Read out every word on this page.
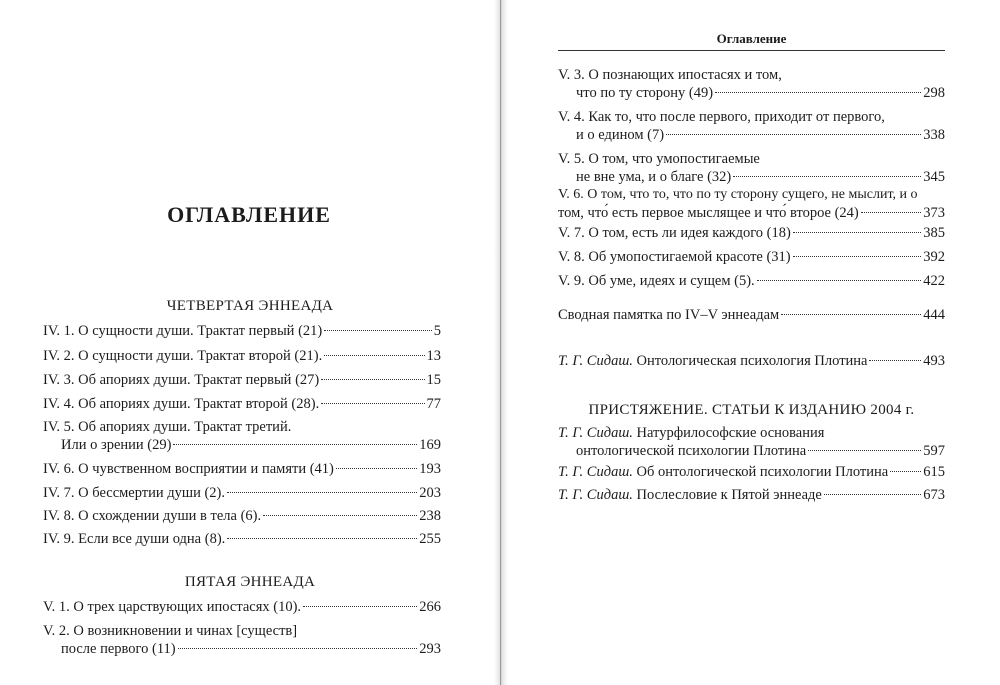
ОГЛАВЛЕНИЕ
ЧЕТВЕРТАЯ ЭННЕАДА
IV. 1. О сущности души. Трактат первый (21)	5
IV. 2. О сущности души. Трактат второй (21).	13
IV. 3. Об апориях души. Трактат первый (27)	15
IV. 4. Об апориях души. Трактат второй (28).	77
IV. 5. Об апориях души. Трактат третий.
Или о зрении (29)	169
IV. 6. О чувственном восприятии и памяти (41)	193
IV. 7. О бессмертии души (2).	203
IV. 8. О схождении души в тела (6).	238
IV. 9. Если все души одна (8).	255
ПЯТАЯ ЭННЕАДА
V. 1. О трех царствующих ипостасях (10).	266
V. 2. О возникновении и чинах [существ]
после первого (11)	293
Оглавление
V. 3. О познающих ипостасях и том,
что по ту сторону (49)	298
V. 4. Как то, что после первого, приходит от первого,
и о едином (7)	338
V. 5. О том, что умопостигаемые
не вне ума, и о благе (32)	345
V. 6. О том, что то, что по ту сторону сущего, не мыслит, и о
том, что́ есть первое мыслящее и что́ второе (24)	373
V. 7. О том, есть ли идея каждого (18)	385
V. 8. Об умопостигаемой красоте (31)	392
V. 9. Об уме, идеях и сущем (5).	422
Сводная памятка по IV–V эннеадам	444
Т. Г. Сидаш.
Онтологическая психология Плотина	493
ПРИСТЯЖЕНИЕ. СТАТЬИ К ИЗДАНИЮ 2004 г.
Т. Г. Сидаш.
Натурфилософские основания
онтологической психологии Плотина	597
Т. Г. Сидаш.
Об онтологической психологии Плотина 615
Т. Г. Сидаш.
Послесловие к Пятой эннеаде	673
